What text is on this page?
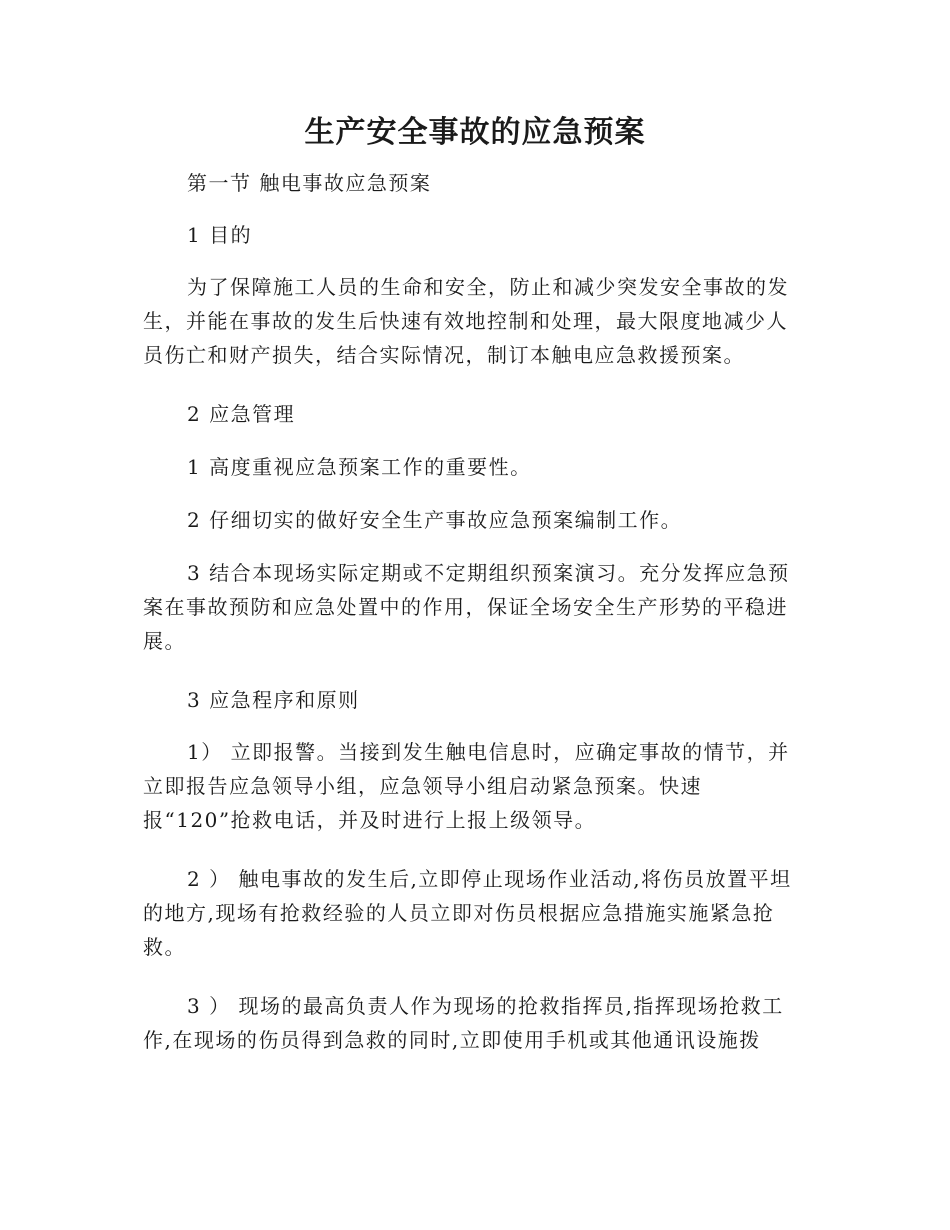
生产安全事故的应急预案

第一节 触电事故应急预案

1 目的

为了保障施工人员的生命和安全，防止和减少突发安全事故的发
生，并能在事故的发生后快速有效地控制和处理，最大限度地减少人
员伤亡和财产损失，结合实际情况，制订本触电应急救援预案。

2 应急管理

1 高度重视应急预案工作的重要性。

2 仔细切实的做好安全生产事故应急预案编制工作。

3 结合本现场实际定期或不定期组织预案演习。充分发挥应急预
案在事故预防和应急处置中的作用，保证全场安全生产形势的平稳进
展。

3 应急程序和原则

1） 立即报警。当接到发生触电信息时，应确定事故的情节，并
立即报告应急领导小组，应急领导小组启动紧急预案。快速
报“120”抢救电话，并及时进行上报上级领导。

2 ） 触电事故的发生后,立即停止现场作业活动,将伤员放置平坦
的地方,现场有抢救经验的人员立即对伤员根据应急措施实施紧急抢
救。

3 ） 现场的最高负责人作为现场的抢救指挥员,指挥现场抢救工
作,在现场的伤员得到急救的同时,立即使用手机或其他通讯设施拨
